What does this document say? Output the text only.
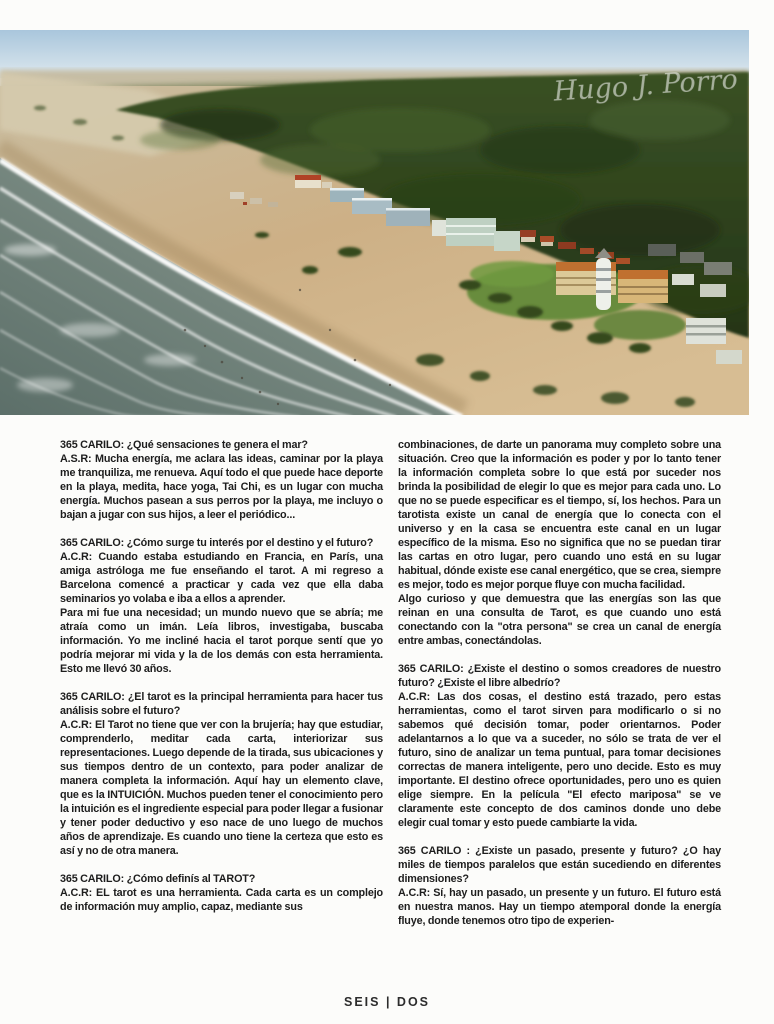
Hugo J. Porro

365 CARILO: ¿Qué sensaciones te genera el mar?

A.S.R: Mucha energía, me aclara las ideas, caminar por la playa me tranquiliza, me renueva. Aquí todo el que puede hace deporte en la playa, medita, hace yoga, Tai Chi, es un lugar con mucha energía. Muchos pasean a sus perros por la playa, me incluyo o bajan a jugar con sus hijos, a leer el periódico...

365 CARILO: ¿Cómo surge tu interés por el destino y el futuro?

A.C.R: Cuando estaba estudiando en Francia, en París, una amiga astróloga me fue enseñando el tarot. A mi regreso a Barcelona comencé a practicar y cada vez que ella daba seminarios yo volaba e iba a ellos a aprender.

Para mi fue una necesidad; un mundo nuevo que se abría; me atraía como un imán. Leía libros, investigaba, buscaba información. Yo me incliné hacia el tarot porque sentí que yo podría mejorar mi vida y la de los demás con esta herramienta. Esto me llevó 30 años.

365 CARILO: ¿El tarot es la principal herramienta para hacer tus análisis sobre el futuro?

A.C.R: El Tarot no tiene que ver con la brujería; hay que estudiar, comprenderlo, meditar cada carta, interiorizar sus representaciones. Luego depende de la tirada, sus ubicaciones y sus tiempos dentro de un contexto, para poder analizar de manera completa la información. Aquí hay un elemento clave, que es la INTUICIÓN. Muchos pueden tener el conocimiento pero la intuición es el ingrediente especial para poder llegar a fusionar y tener poder deductivo y eso nace de uno luego de muchos años de aprendizaje. Es cuando uno tiene la certeza que esto es así y no de otra manera.

365 CARILO: ¿Cómo definís al TAROT?

A.C.R: EL tarot es una herramienta. Cada carta es un complejo de información muy amplio, capaz, mediante sus

combinaciones, de darte un panorama muy completo sobre una situación. Creo que la información es poder y por lo tanto tener la información completa sobre lo que está por suceder nos brinda la posibilidad de elegir lo que es mejor para cada uno. Lo que no se puede especificar es el tiempo, sí, los hechos. Para un tarotista existe un canal de energía que lo conecta con el universo y en la casa se encuentra este canal en un lugar específico de la misma. Eso no significa que no se puedan tirar las cartas en otro lugar, pero cuando uno está en su lugar habitual, dónde existe ese canal energético, que se crea, siempre es mejor, todo es mejor porque fluye con mucha facilidad.

Algo curioso y que demuestra que las energías son las que reinan en una consulta de Tarot, es que cuando uno está conectando con la "otra persona" se crea un canal de energía entre ambas, conectándolas.

365 CARILO: ¿Existe el destino o somos creadores de nuestro futuro? ¿Existe el libre albedrío?

A.C.R: Las dos cosas, el destino está trazado, pero estas herramientas, como el tarot sirven para modificarlo o si no sabemos qué decisión tomar, poder orientarnos. Poder adelantarnos a lo que va a suceder, no sólo se trata de ver el futuro, sino de analizar un tema puntual, para tomar decisiones correctas de manera inteligente, pero uno decide. Esto es muy importante. El destino ofrece oportunidades, pero uno es quien elige siempre. En la película "El efecto mariposa" se ve claramente este concepto de dos caminos donde uno debe elegir cual tomar y esto puede cambiarte la vida.

365 CARILO : ¿Existe un pasado, presente y futuro? ¿O hay miles de tiempos paralelos que están sucediendo en diferentes dimensiones?

A.C.R: Sí, hay un pasado, un presente y un futuro. El futuro está en nuestra manos. Hay un tiempo atemporal donde la energía fluye, donde tenemos otro tipo de experien-

SEIS | DOS
